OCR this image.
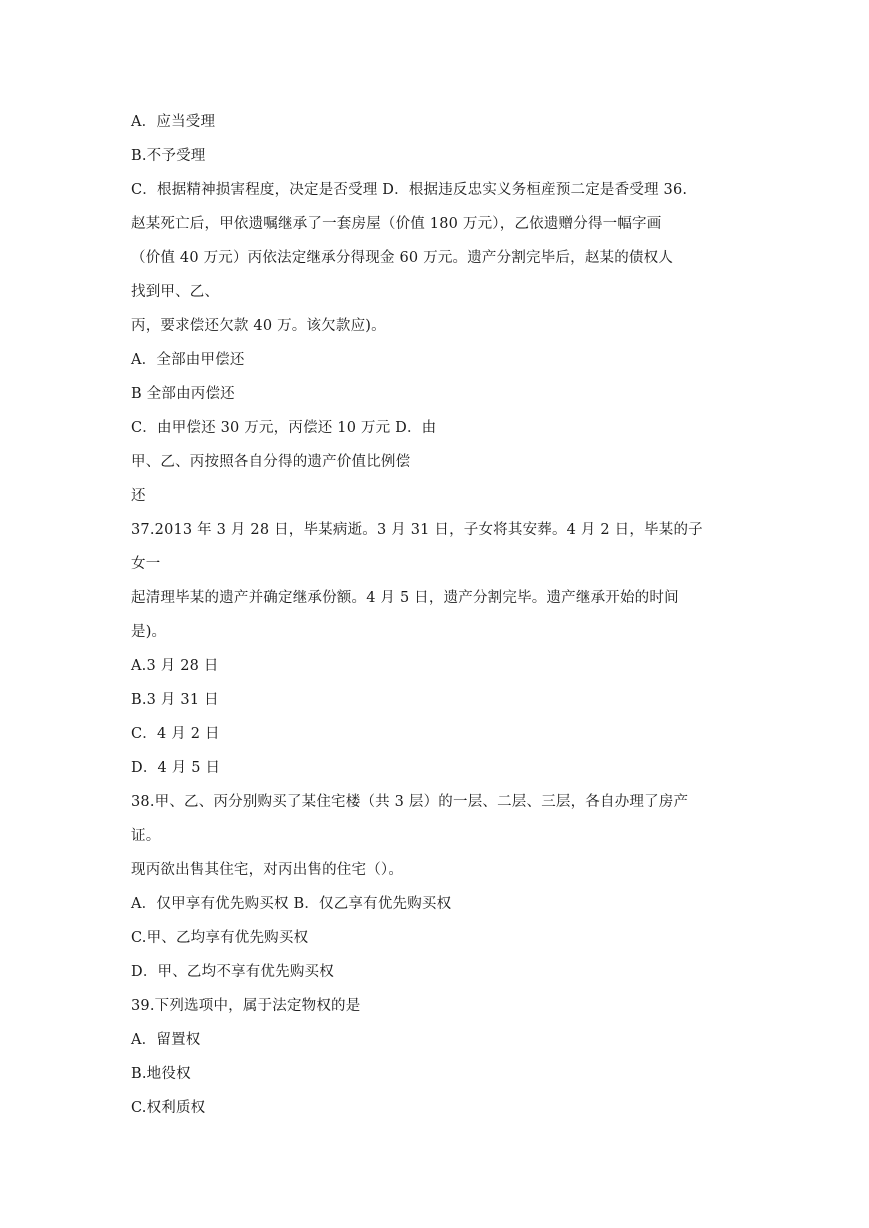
A．应当受理
B.不予受理
C．根据精神损害程度，决定是否受理 D．根据违反忠实义务桓産预二定是香受理 36.
赵某死亡后，甲依遗嘱继承了一套房屋（价值 180 万元），乙依遗赠分得一幅字画
（价值 40 万元）丙依法定继承分得现金 60 万元。遗产分割完毕后，赵某的债权人
找到甲、乙、
丙，要求偿还欠款 40 万。该欠款应)。
A．全部由甲偿还
B 全部由丙偿还
C．由甲偿还 30 万元，丙偿还 10 万元 D．由
甲、乙、丙按照各自分得的遗产价值比例偿
还
37.2013 年 3 月 28 日，毕某病逝。3 月 31 日，子女将其安葬。4 月 2 日，毕某的子
女一
起清理毕某的遗产并确定继承份额。4 月 5 日，遗产分割完毕。遗产继承开始的时间
是)。
A.3 月 28 日
B.3 月 31 日
C．4 月 2 日
D．4 月 5 日
38.甲、乙、丙分别购买了某住宅楼（共 3 层）的一层、二层、三层，各自办理了房产
证。
现丙欲出售其住宅，对丙出售的住宅（）。
A．仅甲享有优先购买权 B．仅乙享有优先购买权
C.甲、乙均享有优先购买权
D．甲、乙均不享有优先购买权
39.下列选项中，属于法定物权的是
A．留置权
B.地役权
C.权利质权
